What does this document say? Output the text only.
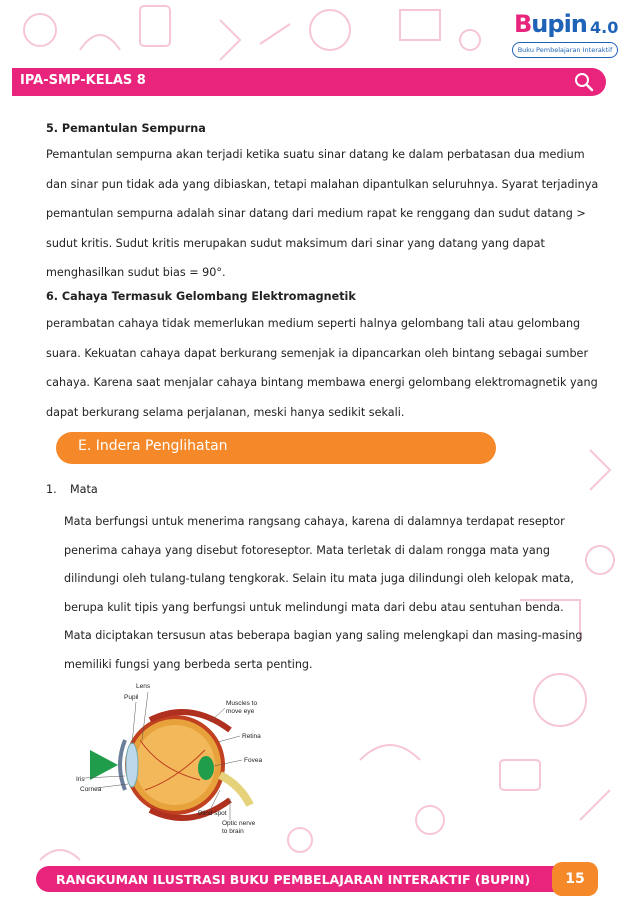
Bupin 4.0
Buku Pembelajaran Interaktif
IPA-SMP-KELAS 8
5. Pemantulan Sempurna
Pemantulan sempurna akan terjadi ketika suatu sinar datang ke dalam perbatasan dua medium dan sinar pun tidak ada yang dibiaskan, tetapi malahan dipantulkan seluruhnya. Syarat terjadinya pemantulan sempurna adalah sinar datang dari medium rapat ke renggang dan sudut datang > sudut kritis. Sudut kritis merupakan sudut maksimum dari sinar yang datang yang dapat menghasilkan sudut bias = 90°.
6. Cahaya Termasuk Gelombang Elektromagnetik
perambatan cahaya tidak memerlukan medium seperti halnya gelombang tali atau gelombang suara. Kekuatan cahaya dapat berkurang semenjak ia dipancarkan oleh bintang sebagai sumber cahaya. Karena saat menjalar cahaya bintang membawa energi gelombang elektromagnetik yang dapat berkurang selama perjalanan, meski hanya sedikit sekali.
E. Indera Penglihatan
1. Mata
Mata berfungsi untuk menerima rangsang cahaya, karena di dalamnya terdapat reseptor penerima cahaya yang disebut fotoreseptor. Mata terletak di dalam rongga mata yang dilindungi oleh tulang-tulang tengkorak. Selain itu mata juga dilindungi oleh kelopak mata, berupa kulit tipis yang berfungsi untuk melindungi mata dari debu atau sentuhan benda. Mata diciptakan tersusun atas beberapa bagian yang saling melengkapi dan masing-masing memiliki fungsi yang berbeda serta penting.
Lens
Pupil
Muscles to
move eye
Retina
Fovea
Iris
Cornea
Blind spot
Optic nerve
to brain
RANGKUMAN ILUSTRASI BUKU PEMBELAJARAN INTERAKTIF (BUPIN)	15
